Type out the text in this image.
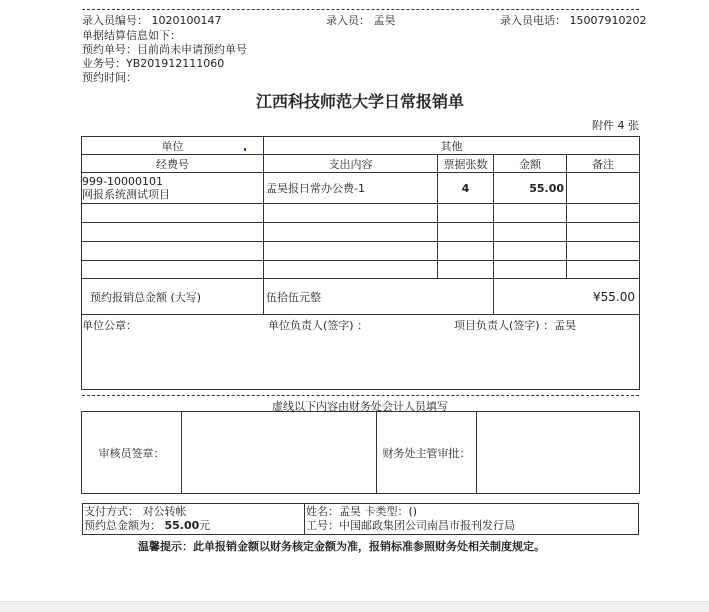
录入员编号： 1020100147	录入员： 孟昊	录入员电话： 15007910202
单据结算信息如下：
预约单号：目前尚未申请预约单号
业务号：YB201912111060
预约时间：
江西科技师范大学日常报销单
附件 4 张
单位	其他			
经费号	支出内容	票据张数	金额	备注

999-10000101
网报系统测试项目	孟昊报日常办公费-1	4	55.00	

预约报销总金额 (大写)	伍拾伍元整		¥55.00	

单位公章： 单位负责人(签字) ： 项目负责人(签字) ：孟昊				
虚线以下内容由财务处会计人员填写
审核员签章：		财务处主管审批：	
支付方式： 对公转帐
预约总金额为： 55.00元

姓名：孟昊 卡类型：()
工号：中国邮政集团公司南昌市报刊发行局
温馨提示：此单报销金额以财务核定金额为准，报销标准参照财务处相关制度规定。
